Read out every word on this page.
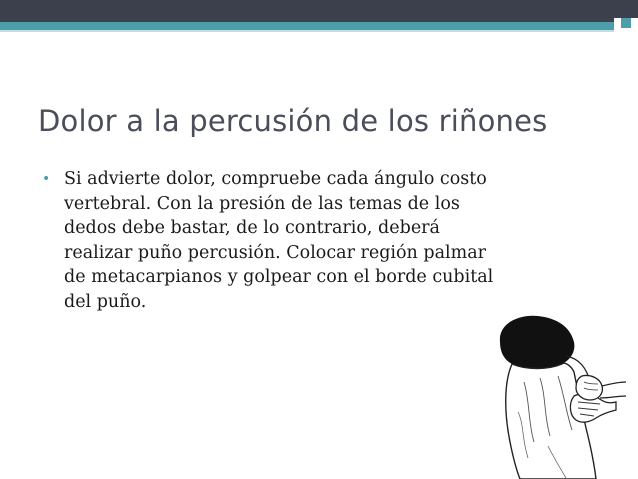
Dolor a la percusión de los riñones
• Si advierte dolor, compruebe cada ángulo costo
vertebral. Con la presión de las temas de los
dedos debe bastar, de lo contrario, deberá
realizar puño percusión. Colocar región palmar
de metacarpianos y golpear con el borde cubital
del puño.
